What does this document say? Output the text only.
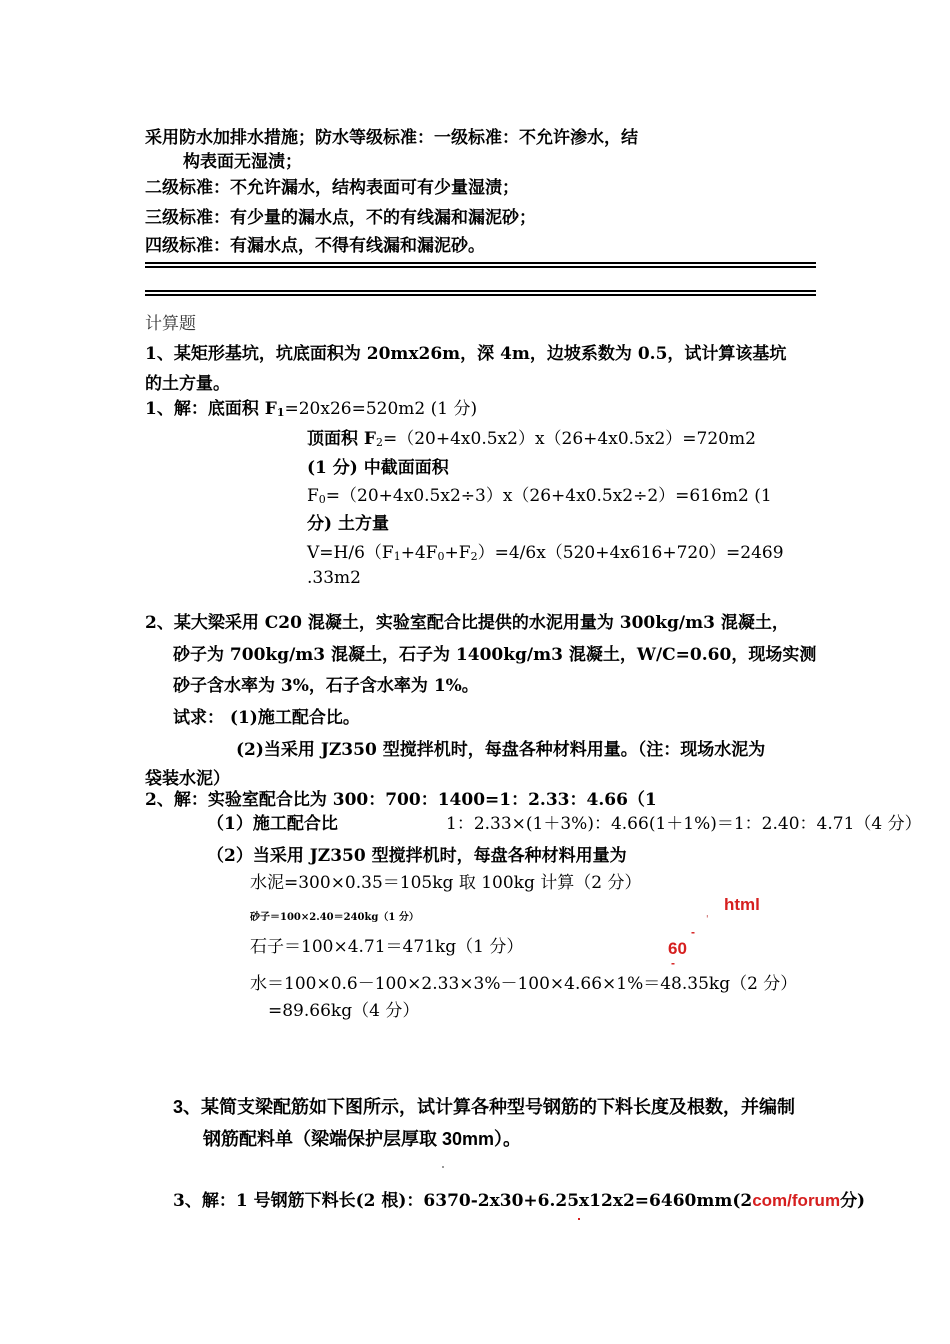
采用防水加排水措施；防水等级标准：一级标准：不允许渗水，结
构表面无湿渍；
二级标准：不允许漏水，结构表面可有少量湿渍；
三级标准：有少量的漏水点，不的有线漏和漏泥砂；
四级标准：有漏水点，不得有线漏和漏泥砂。
计算题
1、某矩形基坑，坑底面积为 20mx26m，深 4m，边坡系数为 0.5，试计算该基坑
的土方量。
1、解：底面积 $F_1=20x26=520m2$ (1 分)
顶面积 $F_2=(20+4x0.5x2)x(26+4x0.5x2)=720m2$
(1 分) 中截面面积
$F_0=(20+4x0.5x2\div 3)x(26+4x0.5x2\div 2)=616m2$ (1
分) 土方量
$V=H/6(F_1+4F_0+F_2)=4/6x(520+4x616+720)=2469$
.33m2
2、某大梁采用 C20 混凝土，实验室配合比提供的水泥用量为 300kg/m3 混凝土，
砂子为 700kg/m3 混凝土，石子为 1400kg/m3 混凝土，W/C=0.60，现场实测
砂子含水率为 3%，石子含水率为 1%。
试求： (1)施工配合比。
(2)当采用 JZ350 型搅拌机时，每盘各种材料用量。（注：现场水泥为
袋装水泥）
2、解：实验室配合比为 300：700：1400=1：2.33：4.66（1
（1）施工配合比	1：2.33×(1＋3%)：4.66(1＋1%)＝1：2.40：4.71（4 分）
（2）当采用 JZ350 型搅拌机时，每盘各种材料用量为
水泥=300×0.35＝105kg 取 100kg 计算（2 分）
砂子＝100×2.40＝240kg（1 分）
石子＝100×4.71＝471kg（1 分）
水＝100×0.6－100×2.33×3%－100×4.66×1%＝48.35kg（2 分）
=89.66kg（4 分）
html
60
-
-
'
3、某简支梁配筋如下图所示，试计算各种型号钢筋的下料长度及根数，并编制
钢筋配料单（梁端保护层厚取 30mm）。
3、解：1 号钢筋下料长(2 根)：6370-2x30+6.25x12x2=6460mm(2com/forum分)
